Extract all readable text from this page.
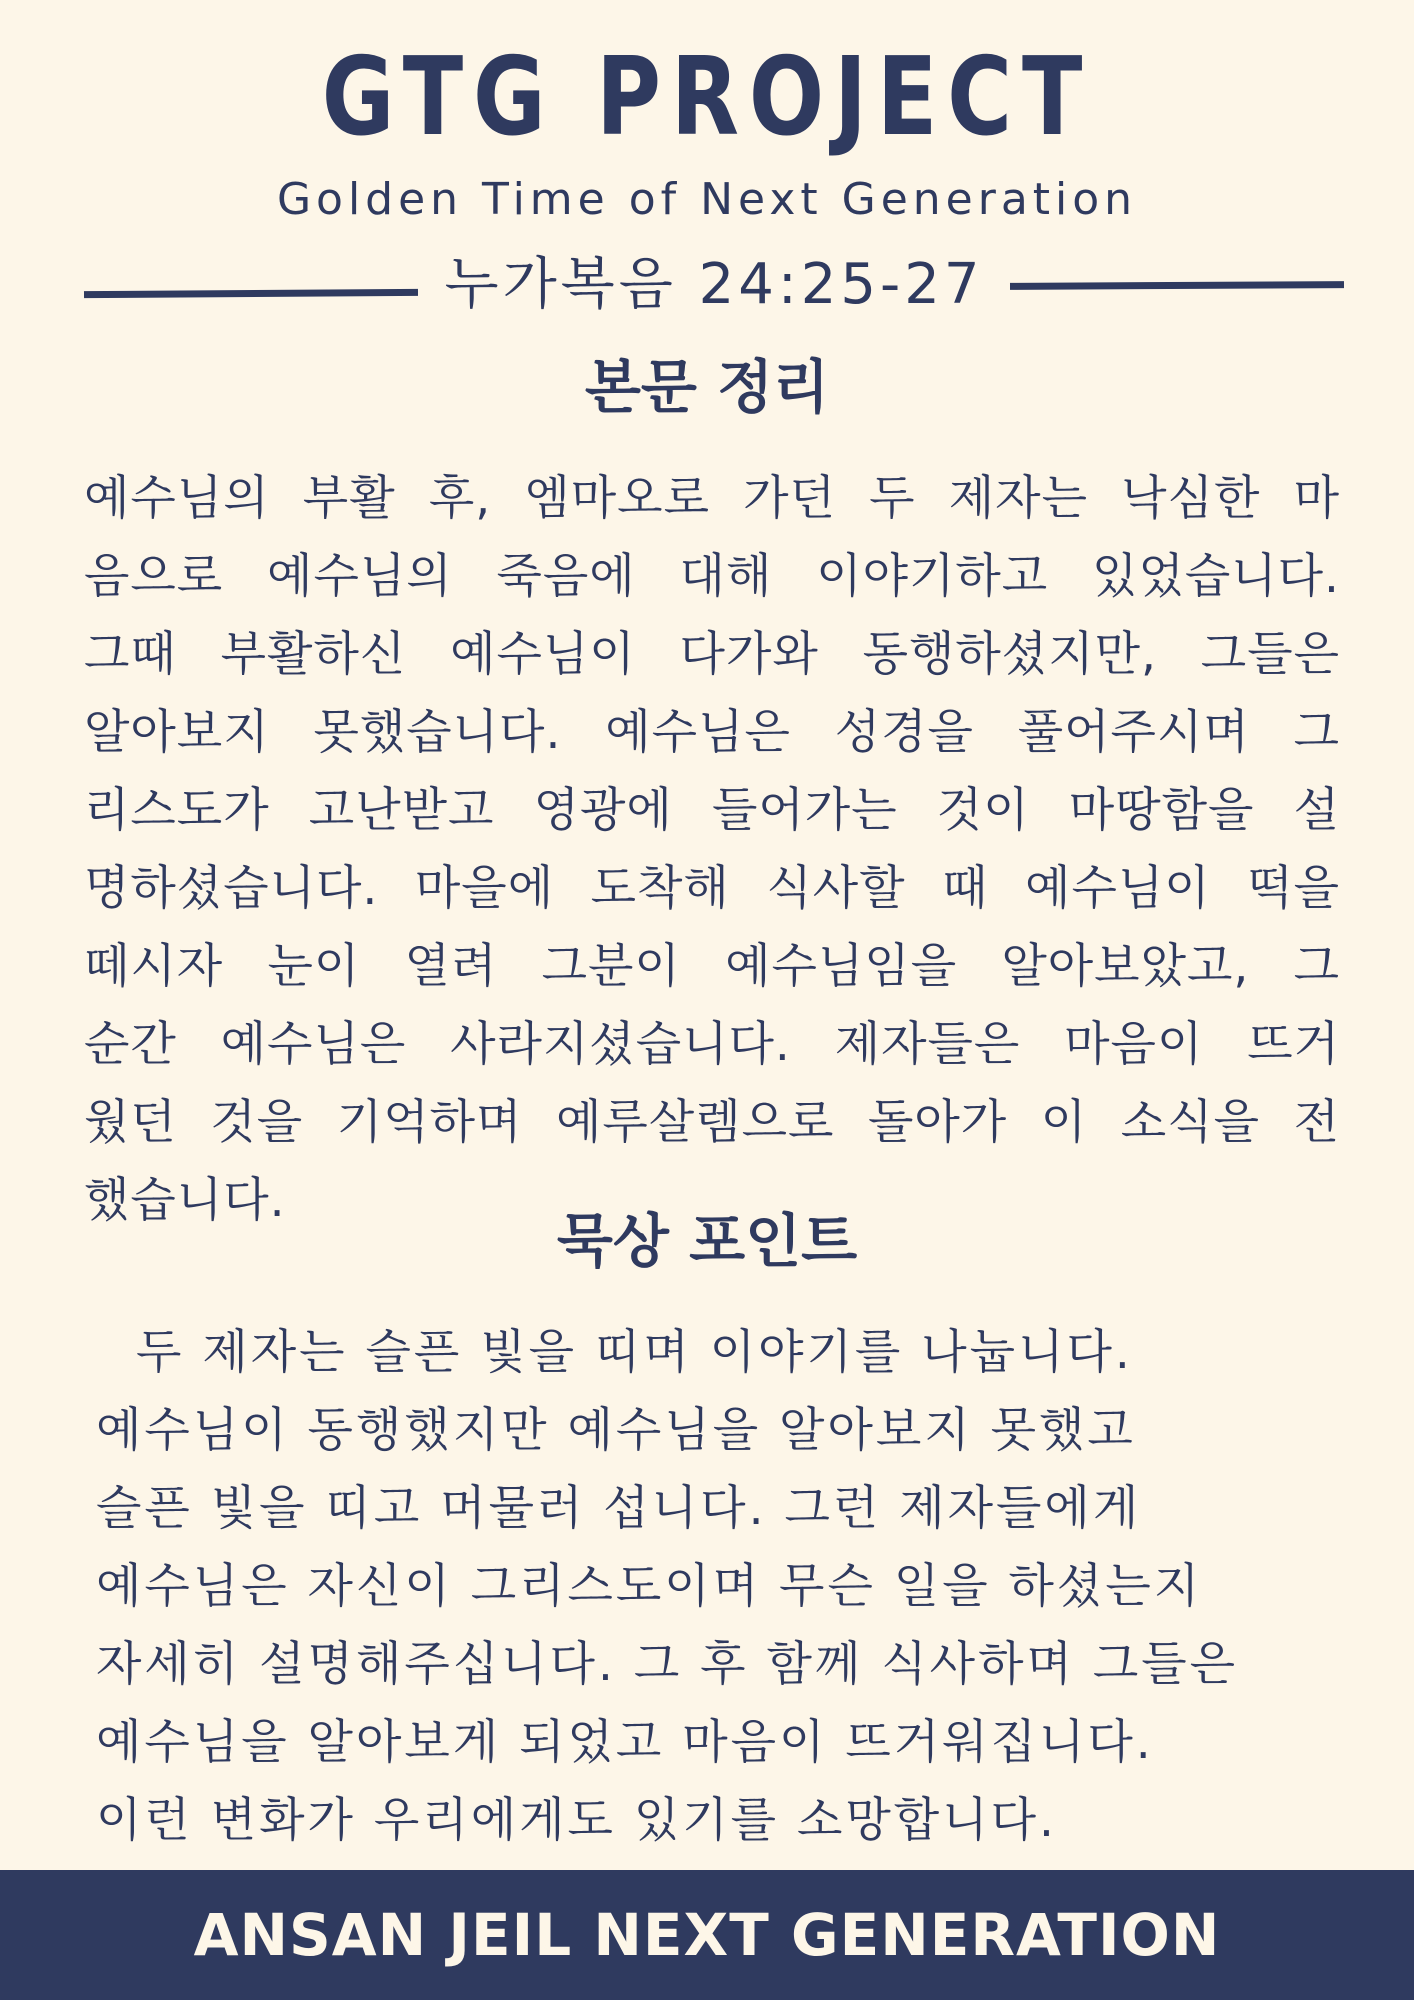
GTG PROJECT
Golden Time of Next Generation
누가복음 24:25-27
본문 정리
예수님의 부활 후, 엠마오로 가던 두 제자는 낙심한 마
음으로 예수님의 죽음에 대해 이야기하고 있었습니다.
그때 부활하신 예수님이 다가와 동행하셨지만, 그들은
알아보지 못했습니다. 예수님은 성경을 풀어주시며 그
리스도가 고난받고 영광에 들어가는 것이 마땅함을 설
명하셨습니다. 마을에 도착해 식사할 때 예수님이 떡을
떼시자 눈이 열려 그분이 예수님임을 알아보았고, 그
순간 예수님은 사라지셨습니다. 제자들은 마음이 뜨거
웠던 것을 기억하며 예루살렘으로 돌아가 이 소식을 전
했습니다.
묵상 포인트
두 제자는 슬픈 빛을 띠며 이야기를 나눕니다.
예수님이 동행했지만 예수님을 알아보지 못했고
슬픈 빛을 띠고 머물러 섭니다. 그런 제자들에게
예수님은 자신이 그리스도이며 무슨 일을 하셨는지
자세히 설명해주십니다. 그 후 함께 식사하며 그들은
예수님을 알아보게 되었고 마음이 뜨거워집니다.
이런 변화가 우리에게도 있기를 소망합니다.
ANSAN JEIL NEXT GENERATION
